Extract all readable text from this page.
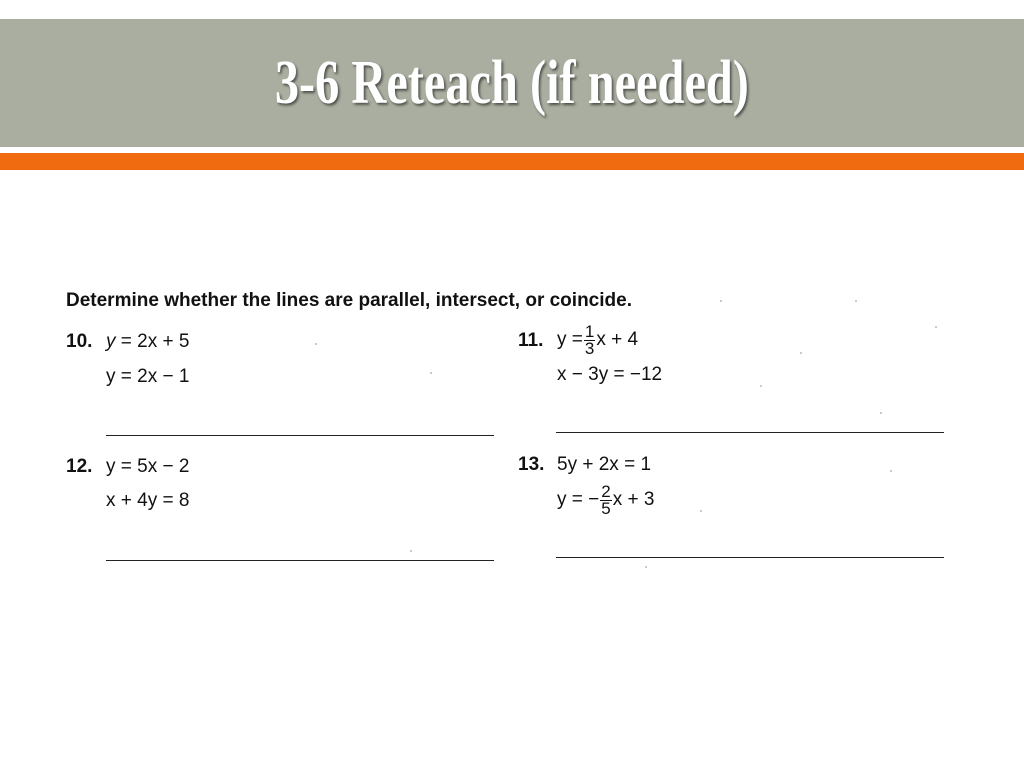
3-6 Reteach (if needed)
Determine whether the lines are parallel, intersect, or coincide.
10. y
= 2x + 5
y = 2x − 1
11. $y = \frac{1}{3}$ x + 4
x − 3y = −12
12. y = 5x − 2
x + 4y = 8
13. 5y + 2x = 1
y = − $\frac{2}{5}$ x + 3
